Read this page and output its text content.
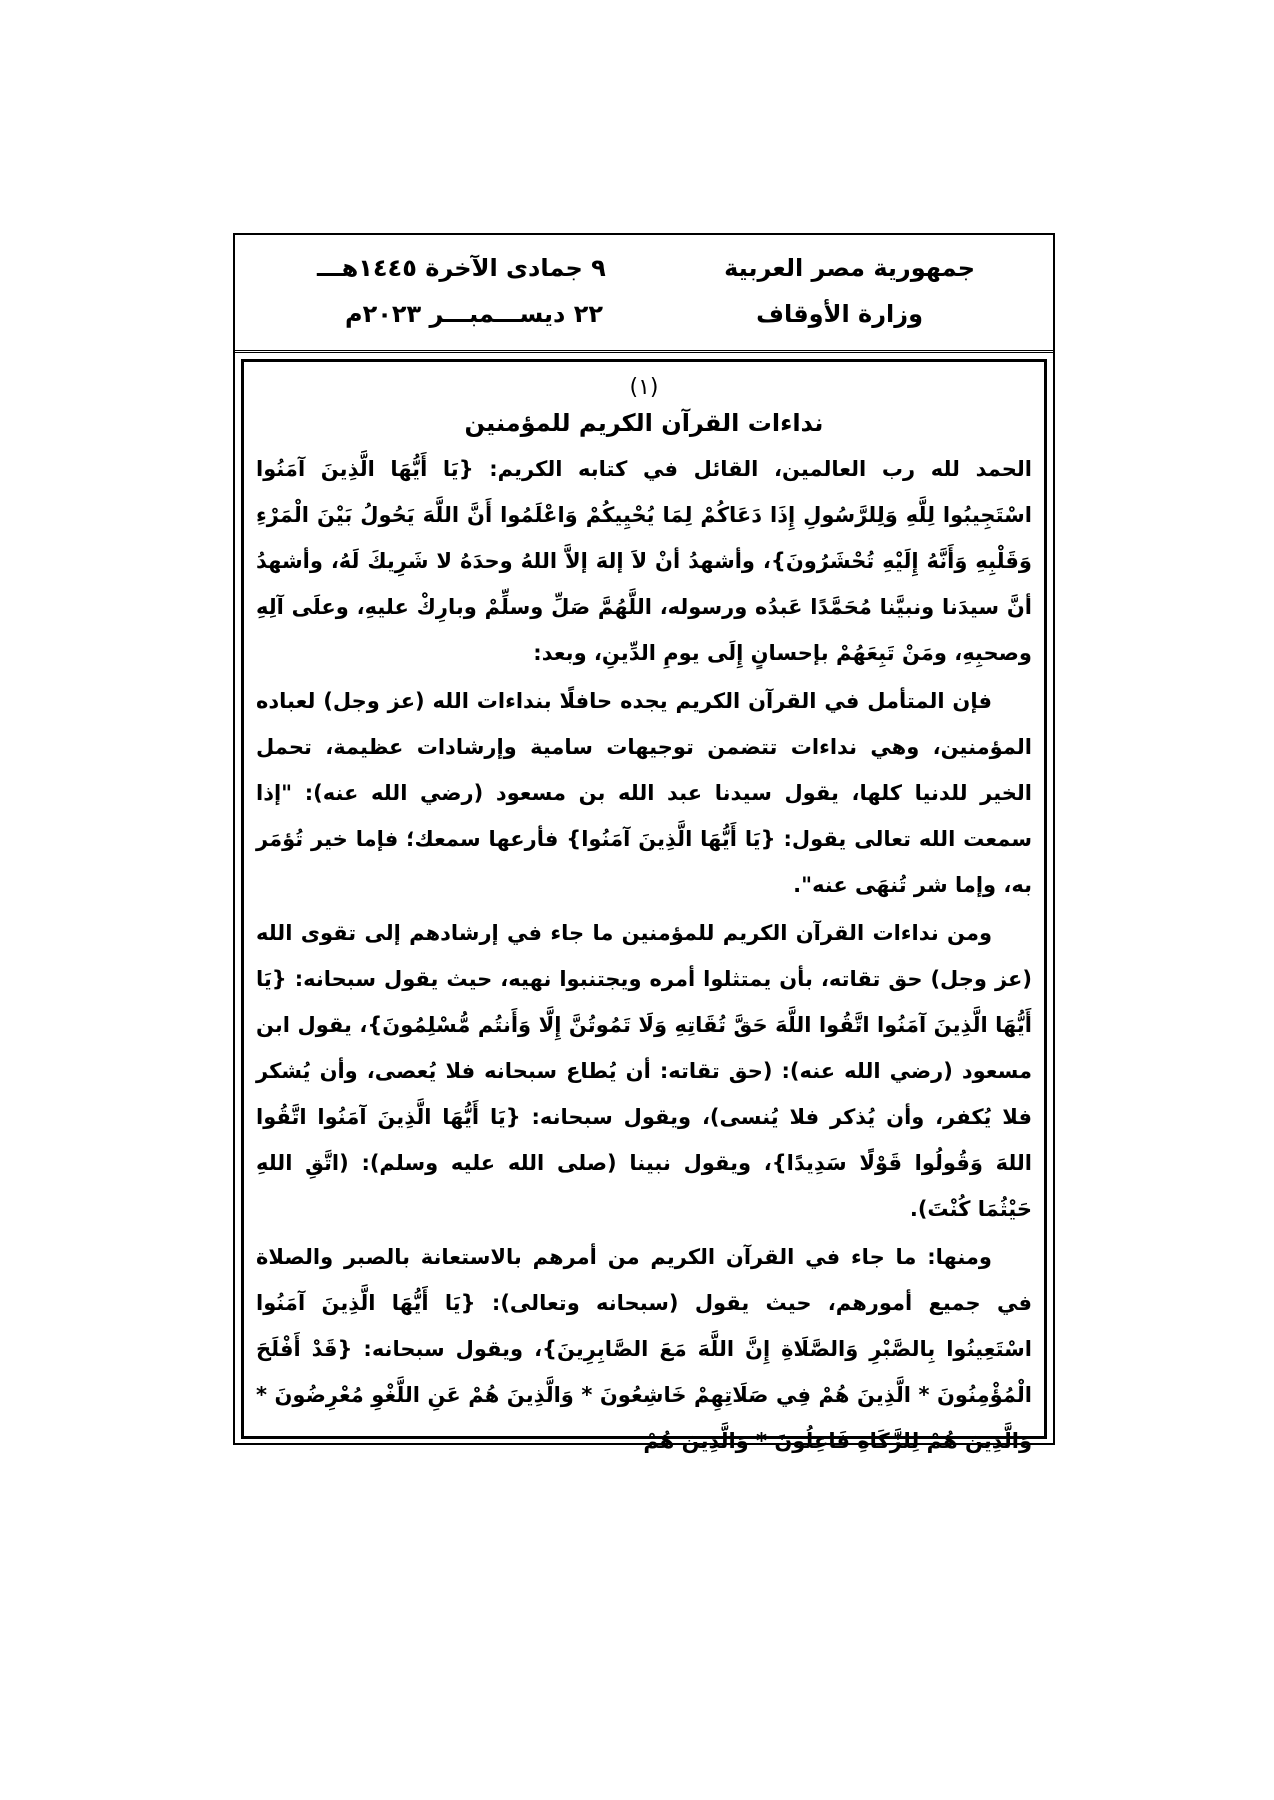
جمهورية مصر العربية
وزارة الأوقاف
٩ جمادى الآخرة ١٤٤٥هـــ
٢٢ ديســـمبـــر ٢٠٢٣م

(١)

نداءات القرآن الكريم للمؤمنين

الحمد لله رب العالمين، القائل في كتابه الكريم: {يَا أَيُّهَا الَّذِينَ آمَنُوا اسْتَجِيبُوا لِلَّهِ وَلِلرَّسُولِ إِذَا دَعَاكُمْ لِمَا يُحْيِيكُمْ وَاعْلَمُوا أَنَّ اللَّهَ يَحُولُ بَيْنَ الْمَرْءِ وَقَلْبِهِ وَأَنَّهُ إِلَيْهِ تُحْشَرُونَ}، وأشهدُ أنْ لاَ إلهَ إلاَّ اللهُ وحدَهُ لا شَرِيكَ لَهُ، وأشهدُ أنَّ سيدَنا ونبيَّنا مُحَمَّدًا عَبدُه ورسوله، اللَّهُمَّ صَلِّ وسلِّمْ وبارِكْ عليهِ، وعلَى آلِهِ وصحبِهِ، ومَنْ تَبِعَهُمْ بإحسانٍ إِلَى يومِ الدِّينِ، وبعد:

فإن المتأمل في القرآن الكريم يجده حافلًا بنداءات الله (عز وجل) لعباده المؤمنين، وهي نداءات تتضمن توجيهات سامية وإرشادات عظيمة، تحمل الخير للدنيا كلها، يقول سيدنا عبد الله بن مسعود (رضي الله عنه): "إذا سمعت الله تعالى يقول: {يَا أَيُّهَا الَّذِينَ آمَنُوا} فأرعها سمعك؛ فإما خير تُؤمَر به، وإما شر تُنهَى عنه".

ومن نداءات القرآن الكريم للمؤمنين ما جاء في إرشادهم إلى تقوى الله (عز وجل) حق تقاته، بأن يمتثلوا أمره ويجتنبوا نهيه، حيث يقول سبحانه: {يَا أَيُّهَا الَّذِينَ آمَنُوا اتَّقُوا اللَّهَ حَقَّ تُقَاتِهِ وَلَا تَمُوتُنَّ إِلَّا وَأَنتُم مُّسْلِمُونَ}، يقول ابن مسعود (رضي الله عنه): (حق تقاته: أن يُطاع سبحانه فلا يُعصى، وأن يُشكر فلا يُكفر، وأن يُذكر فلا يُنسى)، ويقول سبحانه: {يَا أَيُّهَا الَّذِينَ آمَنُوا اتَّقُوا اللهَ وَقُولُوا قَوْلًا سَدِيدًا}، ويقول نبينا (صلى الله عليه وسلم): (اتَّقِ اللهِ حَيْثُمَا كُنْتَ).

ومنها: ما جاء في القرآن الكريم من أمرهم بالاستعانة بالصبر والصلاة في جميع أمورهم، حيث يقول (سبحانه وتعالى): {يَا أَيُّهَا الَّذِينَ آمَنُوا اسْتَعِينُوا بِالصَّبْرِ وَالصَّلَاةِ إِنَّ اللَّهَ مَعَ الصَّابِرِينَ}، ويقول سبحانه: {قَدْ أَفْلَحَ الْمُؤْمِنُونَ * الَّذِينَ هُمْ فِي صَلَاتِهِمْ خَاشِعُونَ * وَالَّذِينَ هُمْ عَنِ اللَّغْوِ مُعْرِضُونَ * وَالَّذِينَ هُمْ لِلزَّكَاةِ فَاعِلُونَ * وَالَّذِينَ هُمْ
